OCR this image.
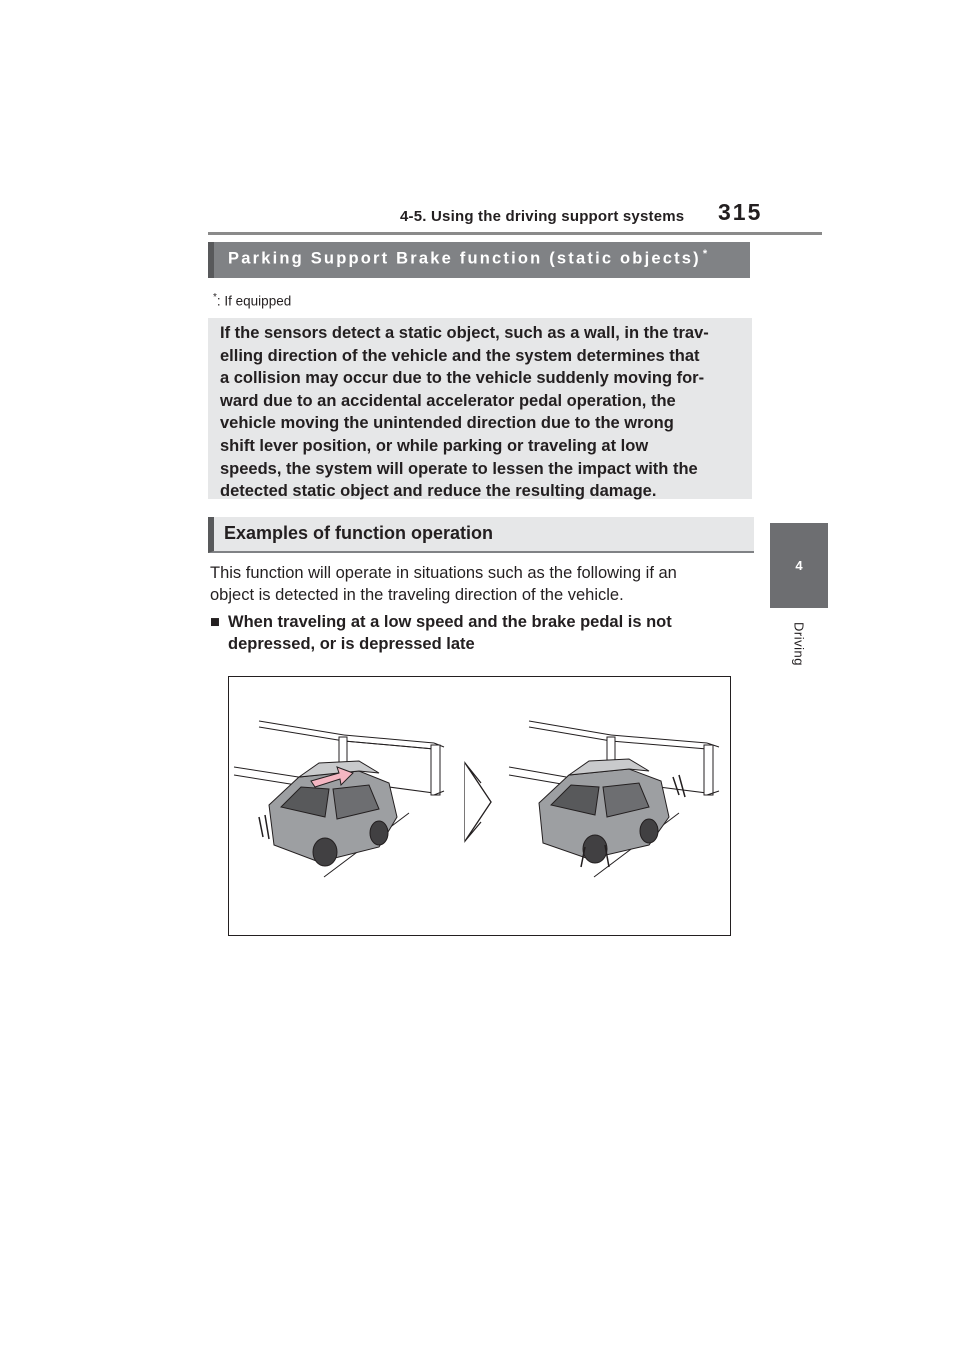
4-5. Using the driving support systems 315
4
Driving
Parking Support Brake function (static objects) *
*: If equipped
If the sensors detect a static object, such as a wall, in the trav-
elling direction of the vehicle and the system determines that
a collision may occur due to the vehicle suddenly moving for-
ward due to an accidental accelerator pedal operation, the
vehicle moving the unintended direction due to the wrong
shift lever position, or while parking or traveling at low
speeds, the system will operate to lessen the impact with the
detected static object and reduce the resulting damage.
Examples of function operation
This function will operate in situations such as the following if an
object is detected in the traveling direction of the vehicle.
■ When traveling at a low speed and the brake pedal is not
depressed, or is depressed late
